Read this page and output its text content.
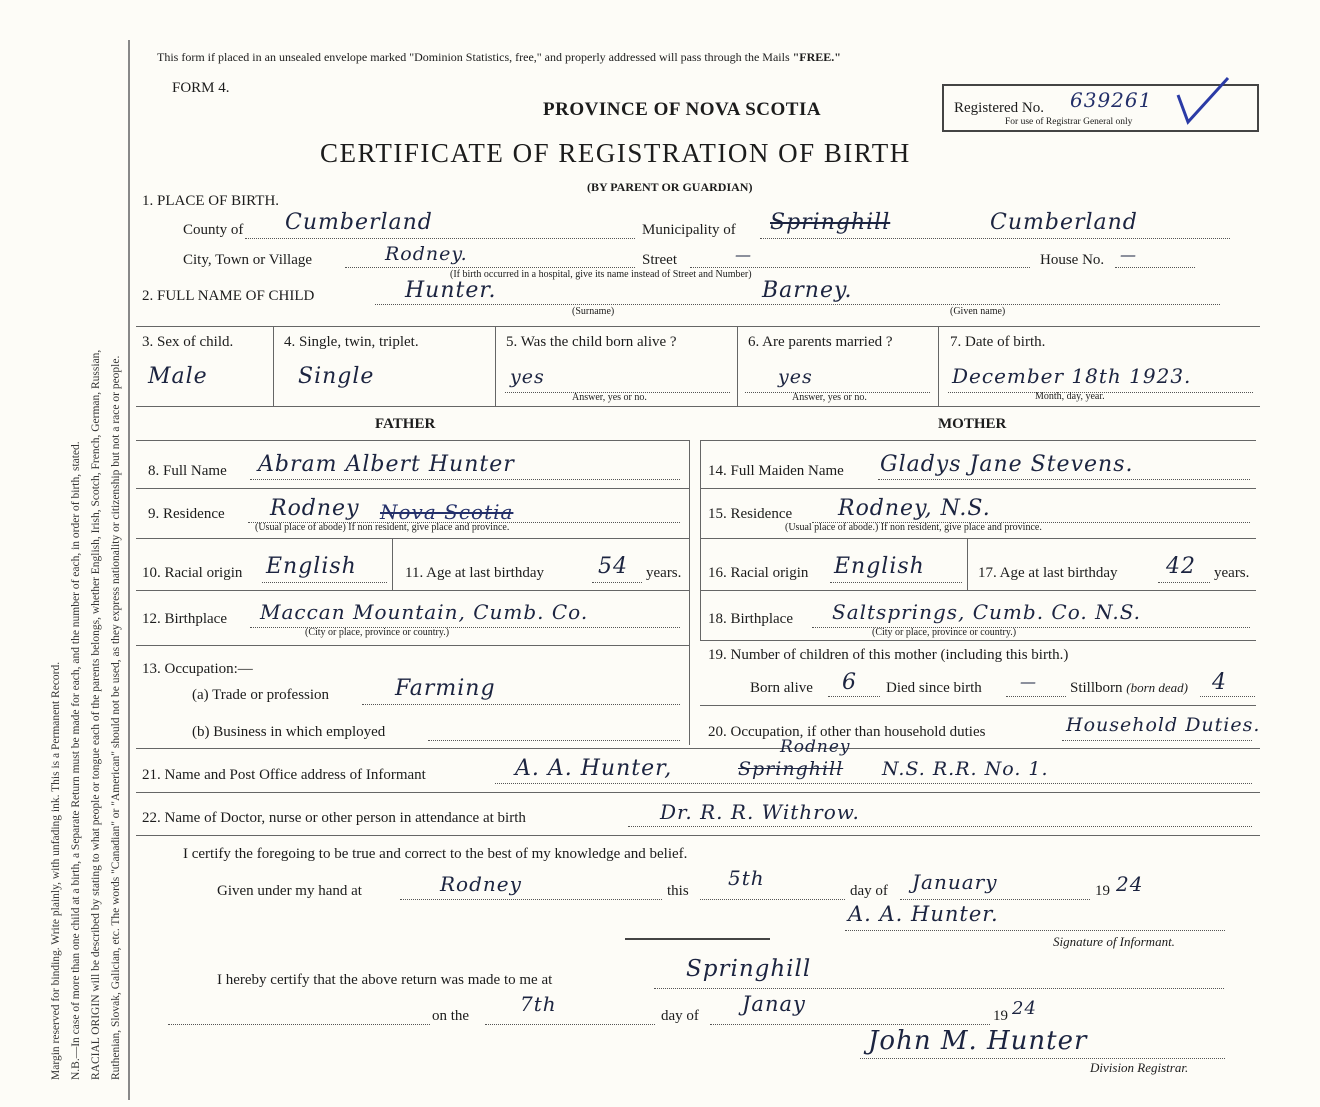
Margin reserved for binding. Write plainly, with unfading ink. This is a Permanent Record. N.B.—In case of more than one child at a birth, a Separate Return must be made for each, and the number of each, in order of birth, stated. RACIAL ORIGIN will be described by stating to what people or tongue each of the parents belongs, whether English, Irish, Scotch, French, German, Russian, Ruthenian, Slovak, Galician, etc. The words "Canadian" or "American" should not be used, as they express nationality or citizenship but not a race or people.
This form if placed in an unsealed envelope marked "Dominion Statistics, free," and properly addressed will pass through the Mails "FREE."
FORM 4.
PROVINCE OF NOVA SCOTIA
CERTIFICATE OF REGISTRATION OF BIRTH
(BY PARENT OR GUARDIAN)
Registered No. 639261
For use of Registrar General only
1. PLACE OF BIRTH.
County of Cumberland	Municipality of Springhill	Cumberland
City, Town or Village	Rodney.	Street	—	House No. —
(If birth occurred in a hospital, give its name instead of Street and Number)
2. FULL NAME OF CHILD	Hunter.
(Surname)
Barney.
(Given name)
3. Sex of child.
Male
4. Single, twin, triplet.
Single
5. Was the child born alive ?
yes
Answer, yes or no.
6. Are parents married ?
yes
Answer, yes or no.
7. Date of birth.
December 18th 1923.
Month, day, year.
FATHER	MOTHER
8. Full Name Abram Albert Hunter
9. Residence Rodney Nova Scotia
(Usual place of abode) If non resident, give place and province.
10. Racial origin English	11. Age at last birthday 54 years.
12. Birthplace Maccan Mountain, Cumb. Co.
(City or place, province or country.)
13. Occupation:—
(a) Trade or profession	Farming
(b) Business in which employed
14. Full Maiden Name Gladys Jane Stevens.
15. Residence Rodney, N.S.
(Usual place of abode.) If non resident, give place and province.
16. Racial origin English	17. Age at last birthday 42 years.
18. Birthplace Saltsprings, Cumb. Co. N.S.
(City or place, province or country.)
19. Number of children of this mother (including this birth.)
Born alive 6 Died since birth — Stillborn (born dead) 4
20. Occupation, if other than household duties	Household Duties.
21. Name and Post Office address of Informant	A. A. Hunter,	Springhill
Rodney
N.S. R.R. No. 1.
22. Name of Doctor, nurse or other person in attendance at birth	Dr. R. R. Withrow.
I certify the foregoing to be true and correct to the best of my knowledge and belief.
Given under my hand at	Rodney	this
5th
day of January	19 24
A. A. Hunter.
Signature of Informant.
I hereby certify that the above return was made to me at	Springhill
on the	7th	day of Janay	19 24
John M. Hunter
Division Registrar.
